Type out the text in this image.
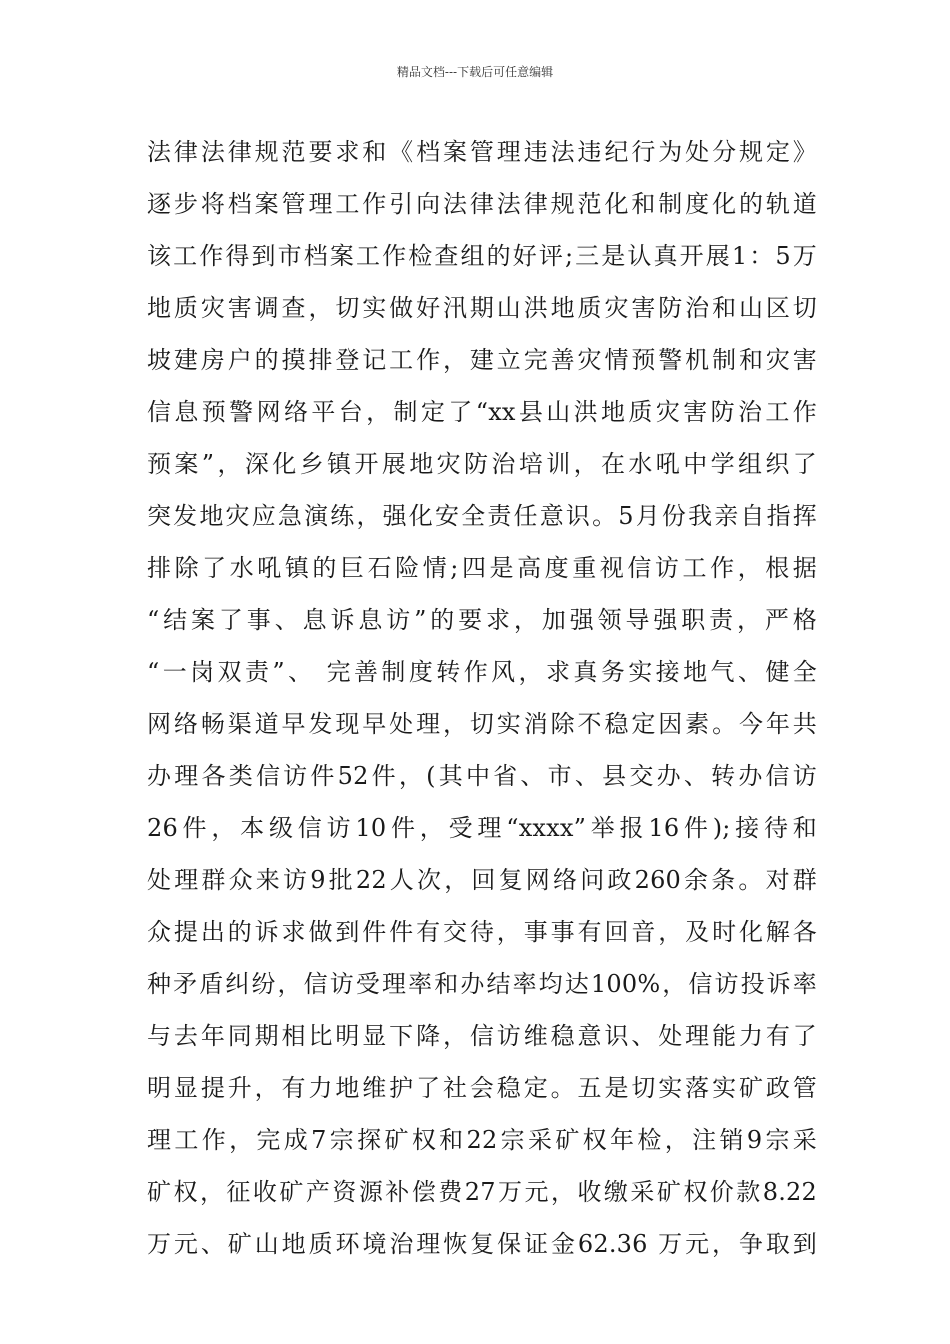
精品文档---下载后可任意编辑
法律法律规范要求和《档案管理违法违纪行为处分规定》
逐步将档案管理工作引向法律法律规范化和制度化的轨道
该工作得到市档案工作检查组的好评;三是认真开展1：5万
地质灾害调查，切实做好汛期山洪地质灾害防治和山区切
坡建房户的摸排登记工作，建立完善灾情预警机制和灾害
信息预警网络平台，制定了“xx县山洪地质灾害防治工作
预案”，深化乡镇开展地灾防治培训，在水吼中学组织了
突发地灾应急演练，强化安全责任意识。5月份我亲自指挥
排除了水吼镇的巨石险情;四是高度重视信访工作，根据
“结案了事、息诉息访”的要求，加强领导强职责，严格
“一岗双责”、 完善制度转作风，求真务实接地气、健全
网络畅渠道早发现早处理，切实消除不稳定因素。今年共
办理各类信访件52件，(其中省、市、县交办、转办信访
26件，本级信访10件，受理“xxxx”举报16件);接待和
处理群众来访9批22人次，回复网络问政260余条。对群
众提出的诉求做到件件有交待，事事有回音，及时化解各
种矛盾纠纷，信访受理率和办结率均达100%，信访投诉率
与去年同期相比明显下降，信访维稳意识、处理能力有了
明显提升，有力地维护了社会稳定。五是切实落实矿政管
理工作，完成7宗探矿权和22宗采矿权年检，注销9宗采
矿权，征收矿产资源补偿费27万元，收缴采矿权价款8.22
万元、矿山地质环境治理恢复保证金62.36 万元，争取到
